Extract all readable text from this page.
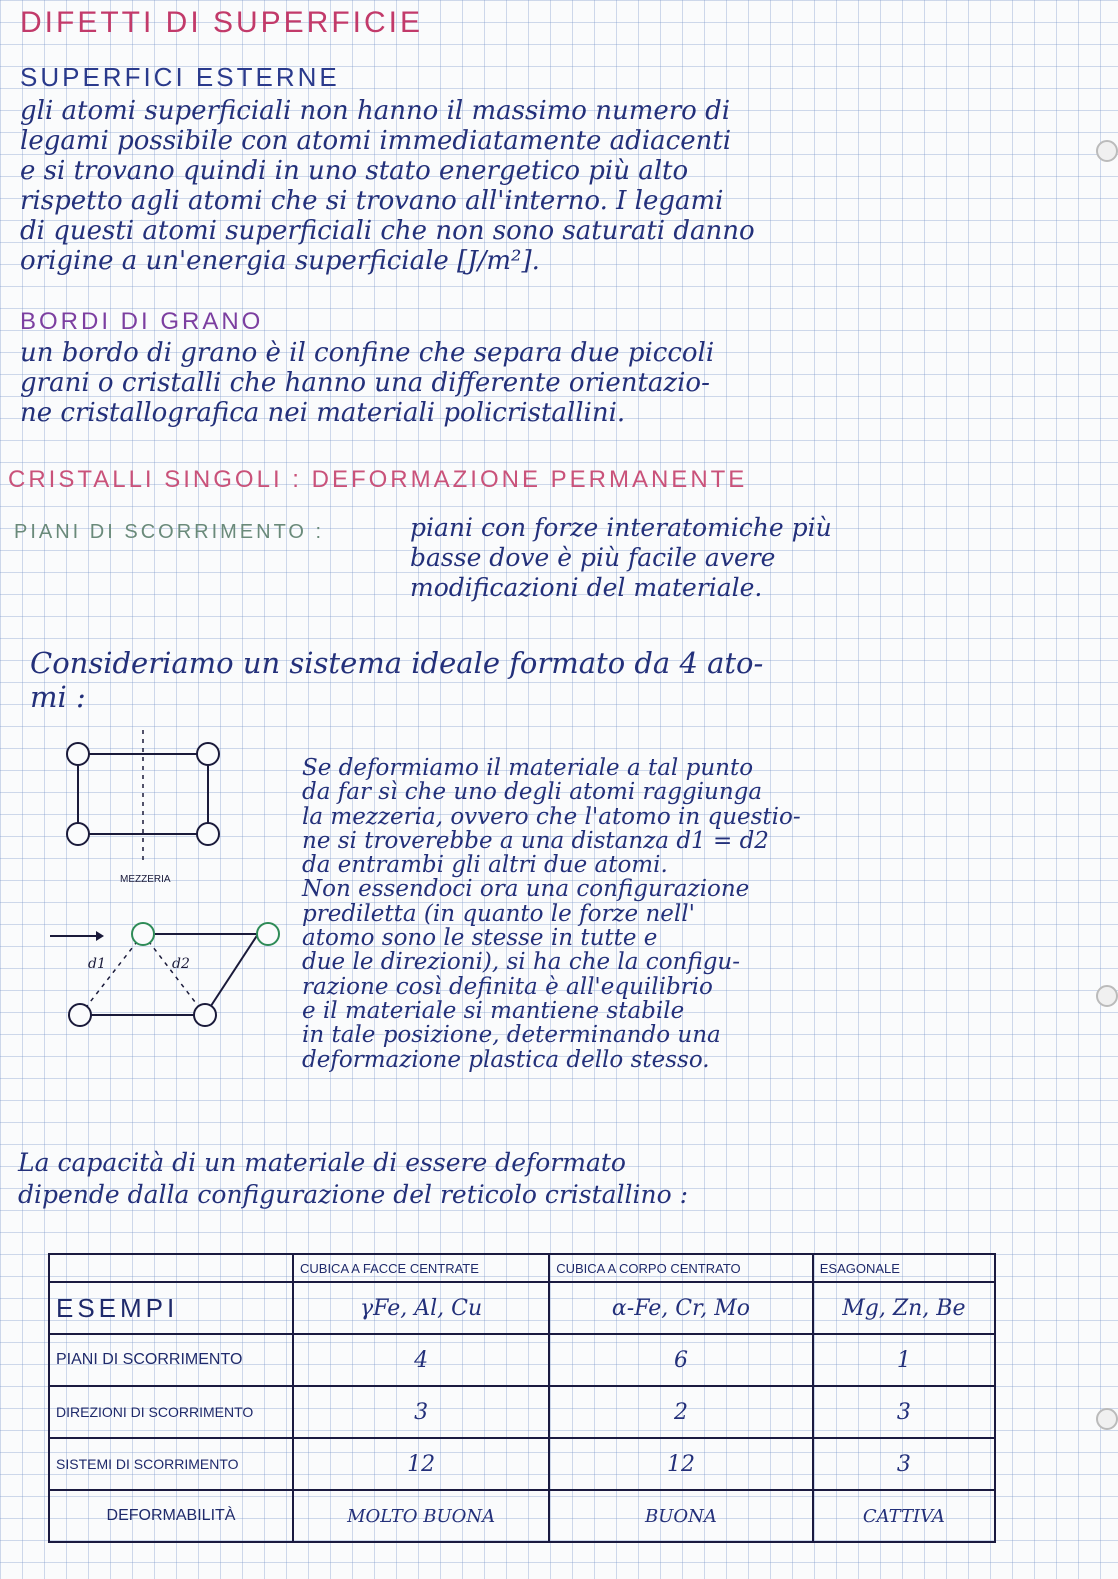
DIFETTI DI SUPERFICIE
SUPERFICI ESTERNE
gli atomi superficiali non hanno il massimo numero di
legami possibile con atomi immediatamente adiacenti
e si trovano quindi in uno stato energetico più alto
rispetto agli atomi che si trovano all'interno. I legami
di questi atomi superficiali che non sono saturati danno
origine a un'energia superficiale [J/m²].
BORDI DI GRANO
un bordo di grano è il confine che separa due piccoli
grani o cristalli che hanno una differente orientazio-
ne cristallografica nei materiali policristallini.
CRISTALLI SINGOLI : DEFORMAZIONE PERMANENTE
PIANI DI SCORRIMENTO :	piani con forze interatomiche più
basse dove è più facile avere
modificazioni del materiale.
Consideriamo un sistema ideale formato da 4 ato-
mi :
MEZZERIA
d1	d2
Se deformiamo il materiale a tal punto
da far sì che uno degli atomi raggiunga
la mezzeria, ovvero che l'atomo in questio-
ne si troverebbe a una distanza d1 = d2
da entrambi gli altri due atomi.
Non essendoci ora una configurazione
prediletta (in quanto le forze nell'
atomo sono le stesse in tutte e
due le direzioni), si ha che la configu-
razione così definita è all'equilibrio
e il materiale si mantiene stabile
in tale posizione, determinando una
deformazione plastica dello stesso.
La capacità di un materiale di essere deformato
dipende dalla configurazione del reticolo cristallino :
	CUBICA A FACCE CENTRATE	CUBICA A CORPO CENTRATO	ESAGONALE
ESEMPI	γFe, Al, Cu	α-Fe, Cr, Mo	Mg, Zn, Be
PIANI DI SCORRIMENTO	4	6	1
DIREZIONI DI SCORRIMENTO	3	2	3
SISTEMI DI SCORRIMENTO	12	12	3
DEFORMABILITÀ	MOLTO BUONA	BUONA	CATTIVA
